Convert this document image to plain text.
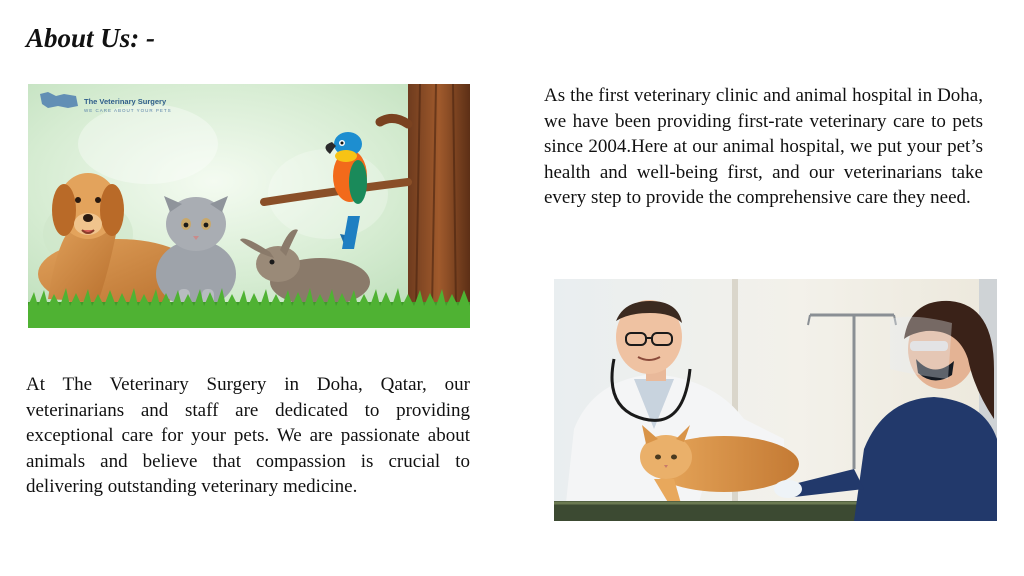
About Us: -

As the first veterinary clinic and animal hospital in Doha, we have been providing first-rate veterinary care to pets since 2004.Here at our animal hospital, we put your pet’s health and well-being first, and our veterinarians take every step to provide the comprehensive care they need.

The Veterinary Surgery
WE CARE ABOUT YOUR PETS

At The Veterinary Surgery in Doha, Qatar, our veterinarians and staff are dedicated to providing exceptional care for your pets. We are passionate about animals and believe that compassion is crucial to delivering outstanding veterinary medicine.
